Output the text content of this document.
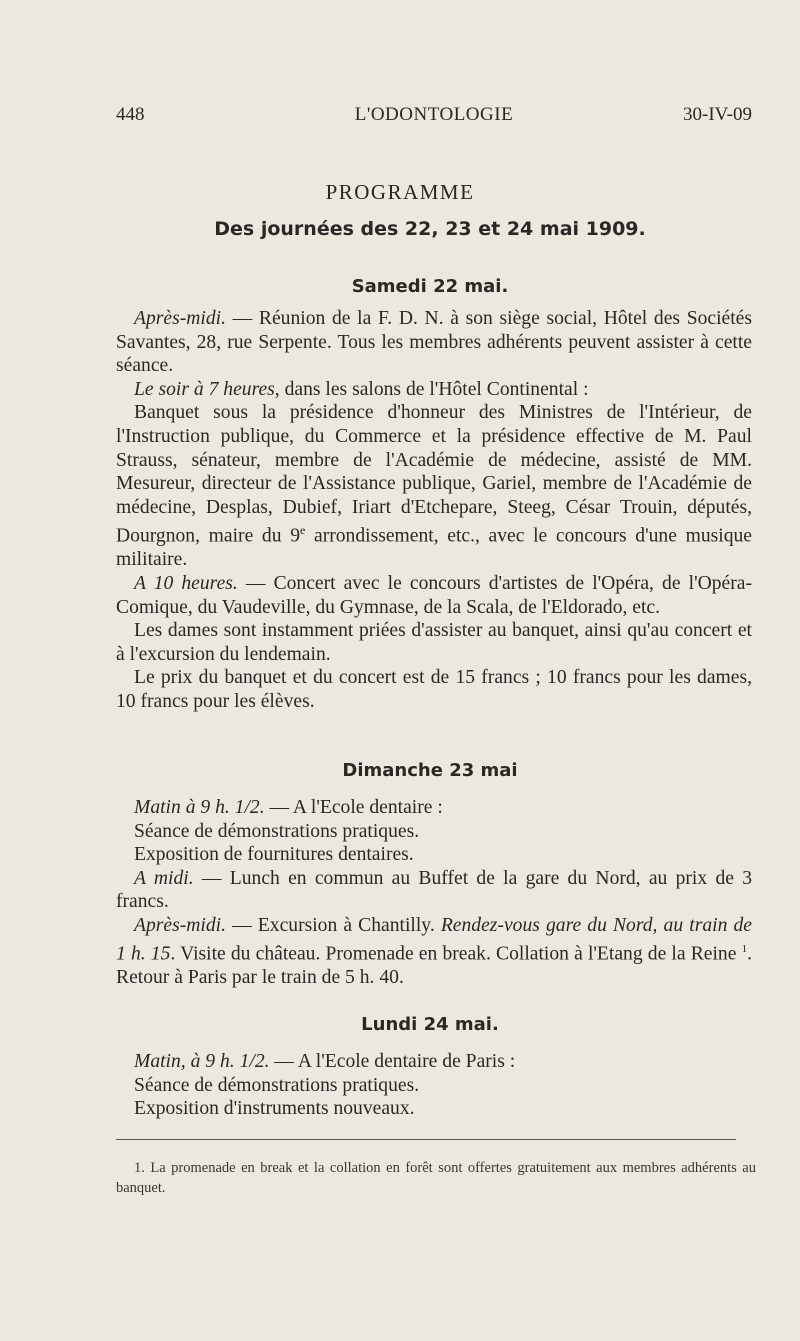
448	L'ODONTOLOGIE	30-IV-09
PROGRAMME
Des journées des 22, 23 et 24 mai 1909.
Samedi 22 mai.

Après-midi. — Réunion de la F. D. N. à son siège social, Hôtel des Sociétés Savantes, 28, rue Serpente. Tous les membres adhérents peuvent assister à cette séance.

Le soir à 7 heures, dans les salons de l'Hôtel Continental :

Banquet sous la présidence d'honneur des Ministres de l'Intérieur, de l'Instruction publique, du Commerce et la présidence effective de M. Paul Strauss, sénateur, membre de l'Académie de médecine, assisté de MM. Mesureur, directeur de l'Assistance publique, Gariel, membre de l'Académie de médecine, Desplas, Dubief, Iriart d'Etchepare, Steeg, César Trouin, députés, Dourgnon, maire du 9e arrondissement, etc., avec le concours d'une musique militaire.

A 10 heures. — Concert avec le concours d'artistes de l'Opéra, de l'Opéra-Comique, du Vaudeville, du Gymnase, de la Scala, de l'Eldorado, etc.

Les dames sont instamment priées d'assister au banquet, ainsi qu'au concert et à l'excursion du lendemain.

Le prix du banquet et du concert est de 15 francs ; 10 francs pour les dames, 10 francs pour les élèves.

Dimanche 23 mai

Matin à 9 h. 1/2. — A l'Ecole dentaire :

Séance de démonstrations pratiques.

Exposition de fournitures dentaires.

A midi. — Lunch en commun au Buffet de la gare du Nord, au prix de 3 francs.

Après-midi. — Excursion à Chantilly. Rendez-vous gare du Nord, au train de 1 h. 15. Visite du château. Promenade en break. Collation à l'Etang de la Reine $^1$. Retour à Paris par le train de 5 h. 40.

Lundi 24 mai.

Matin, à 9 h. 1/2. — A l'Ecole dentaire de Paris :

Séance de démonstrations pratiques.

Exposition d'instruments nouveaux.

1. La promenade en break et la collation en forêt sont offertes gratuitement aux membres adhérents au banquet.
